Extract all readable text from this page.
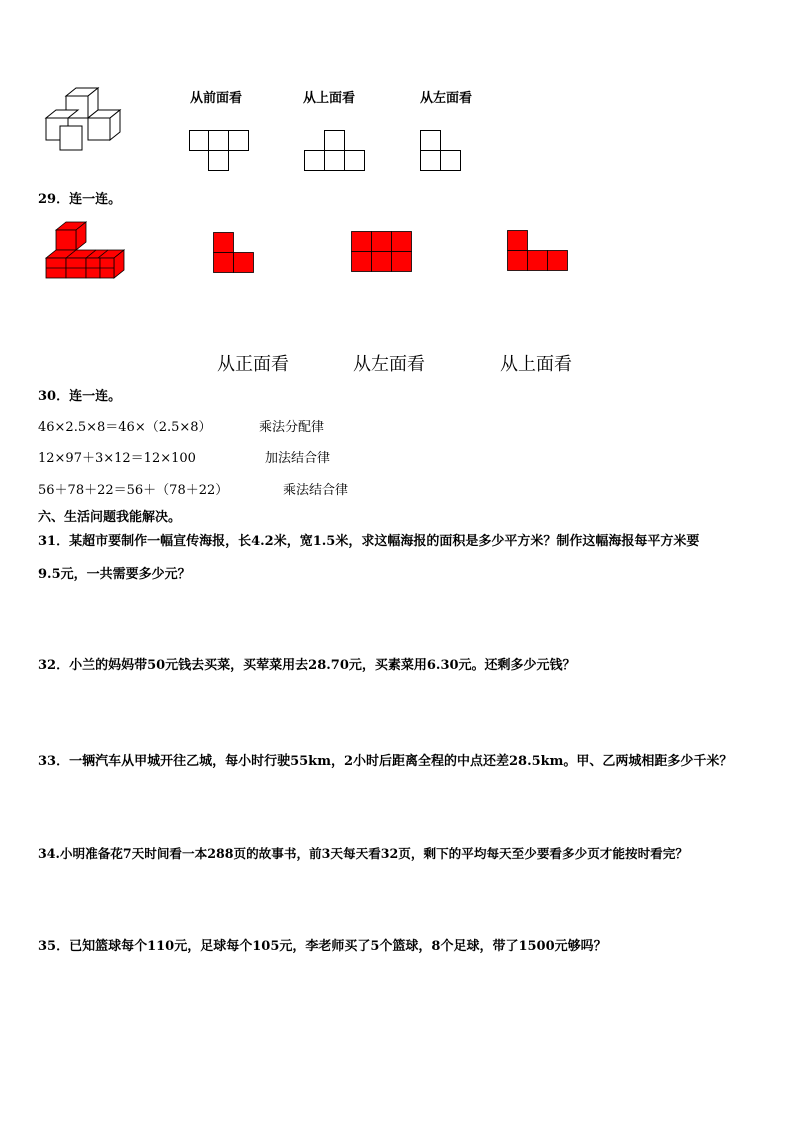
从前面看	从上面看	从左面看
29．连一连。
从正面看	从左面看	从上面看
30．连一连。
46×2.5×8＝46×（2.5×8）
12×97＋3×12＝12×100
56＋78＋22＝56＋（78＋22）
乘法分配律
加法结合律
乘法结合律
六、生活问题我能解决。
31．某超市要制作一幅宣传海报，长4.2米，宽1.5米，求这幅海报的面积是多少平方米？制作这幅海报每平方米要
9.5元，一共需要多少元？
32．小兰的妈妈带50元钱去买菜，买荤菜用去28.70元，买素菜用6.30元。还剩多少元钱？
33．一辆汽车从甲城开往乙城，每小时行驶55km，2小时后距离全程的中点还差28.5km。甲、乙两城相距多少千米？
34.小明准备花7天时间看一本288页的故事书，前3天每天看32页，剩下的平均每天至少要看多少页才能按时看完？
35．已知篮球每个110元，足球每个105元，李老师买了5个篮球，8个足球，带了1500元够吗？
